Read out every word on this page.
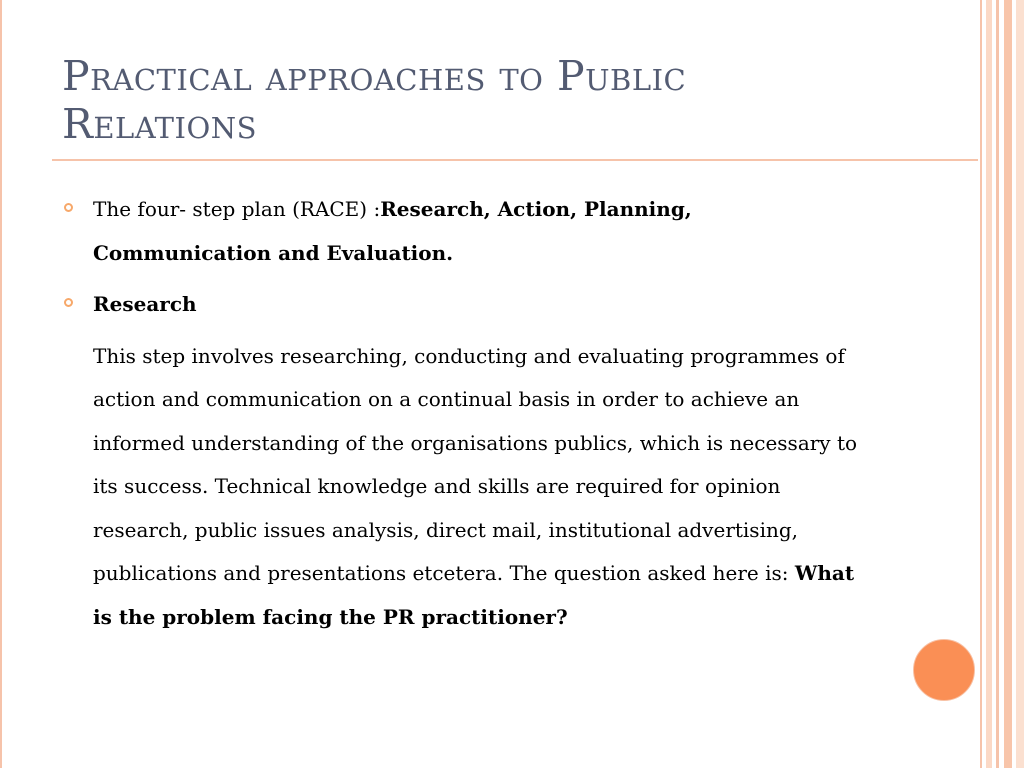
Practical approaches to Public Relations
The four- step plan (RACE) :Research, Action, Planning, Communication and Evaluation.
Research
This step involves researching, conducting and evaluating programmes of action and communication on a continual basis in order to achieve an informed understanding of the organisations publics, which is necessary to its success. Technical knowledge and skills are required for opinion research, public issues analysis, direct mail, institutional advertising, publications and presentations etcetera. The question asked here is: What is the problem facing the PR practitioner?
